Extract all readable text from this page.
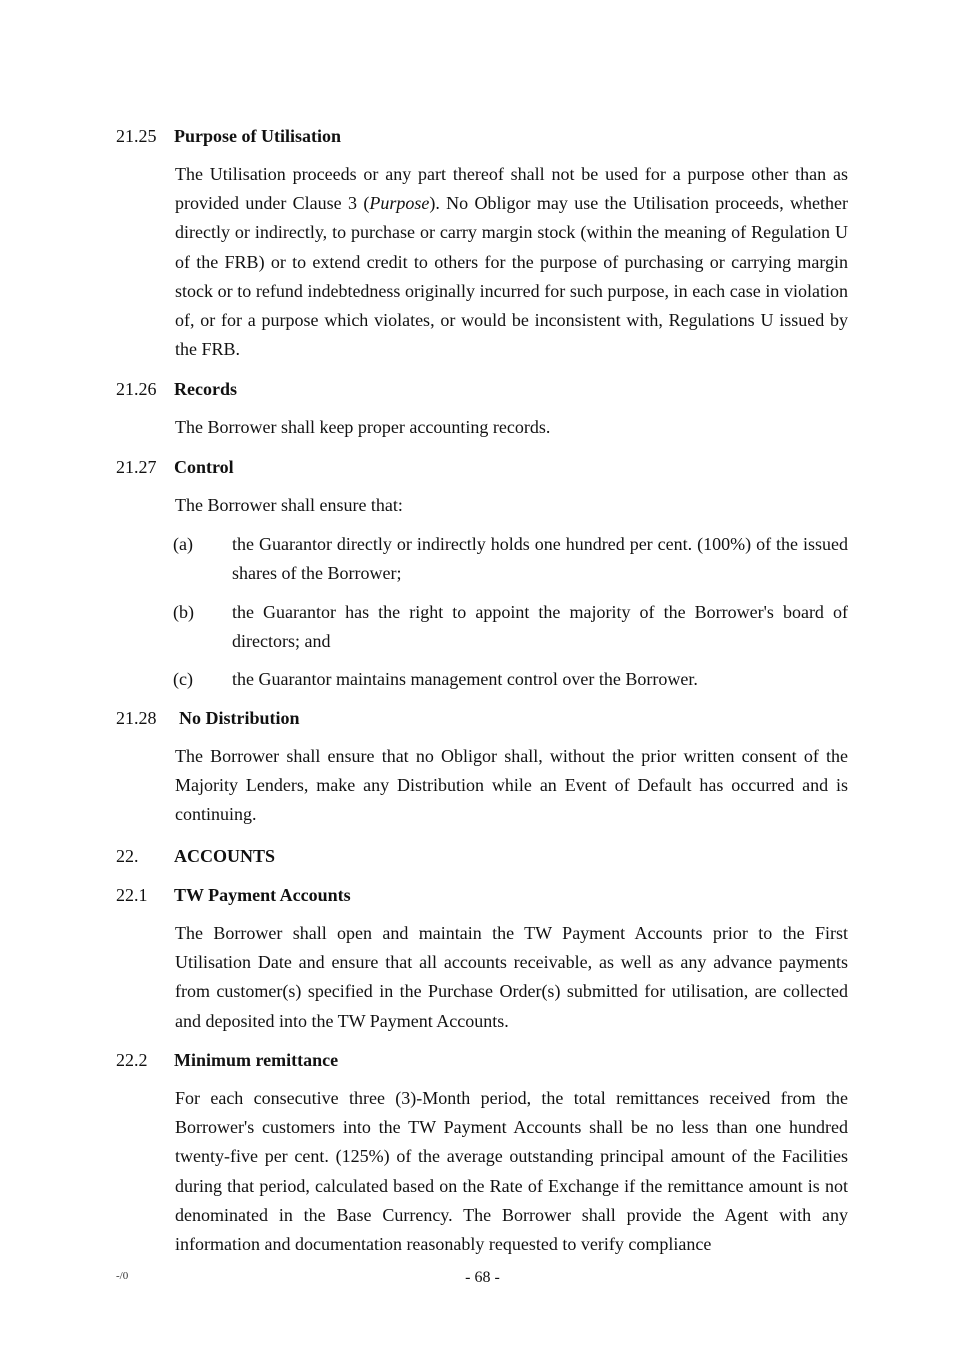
21.25 Purpose of Utilisation

The Utilisation proceeds or any part thereof shall not be used for a purpose other than as provided under Clause 3 (Purpose). No Obligor may use the Utilisation proceeds, whether directly or indirectly, to purchase or carry margin stock (within the meaning of Regulation U of the FRB) or to extend credit to others for the purpose of purchasing or carrying margin stock or to refund indebtedness originally incurred for such purpose, in each case in violation of, or for a purpose which violates, or would be inconsistent with, Regulations U issued by the FRB.

21.26 Records

The Borrower shall keep proper accounting records.

21.27 Control

The Borrower shall ensure that:

(a) the Guarantor directly or indirectly holds one hundred per cent. (100%) of the issued shares of the Borrower;
(b) the Guarantor has the right to appoint the majority of the Borrower's board of directors; and
(c) the Guarantor maintains management control over the Borrower.
21.28 No Distribution

The Borrower shall ensure that no Obligor shall, without the prior written consent of the Majority Lenders, make any Distribution while an Event of Default has occurred and is continuing.

22. ACCOUNTS
22.1 TW Payment Accounts

The Borrower shall open and maintain the TW Payment Accounts prior to the First Utilisation Date and ensure that all accounts receivable, as well as any advance payments from customer(s) specified in the Purchase Order(s) submitted for utilisation, are collected and deposited into the TW Payment Accounts.

22.2 Minimum remittance

For each consecutive three (3)-Month period, the total remittances received from the Borrower's customers into the TW Payment Accounts shall be no less than one hundred twenty-five per cent. (125%) of the average outstanding principal amount of the Facilities during that period, calculated based on the Rate of Exchange if the remittance amount is not denominated in the Base Currency. The Borrower shall provide the Agent with any information and documentation reasonably requested to verify compliance

-/0	- 68 -
